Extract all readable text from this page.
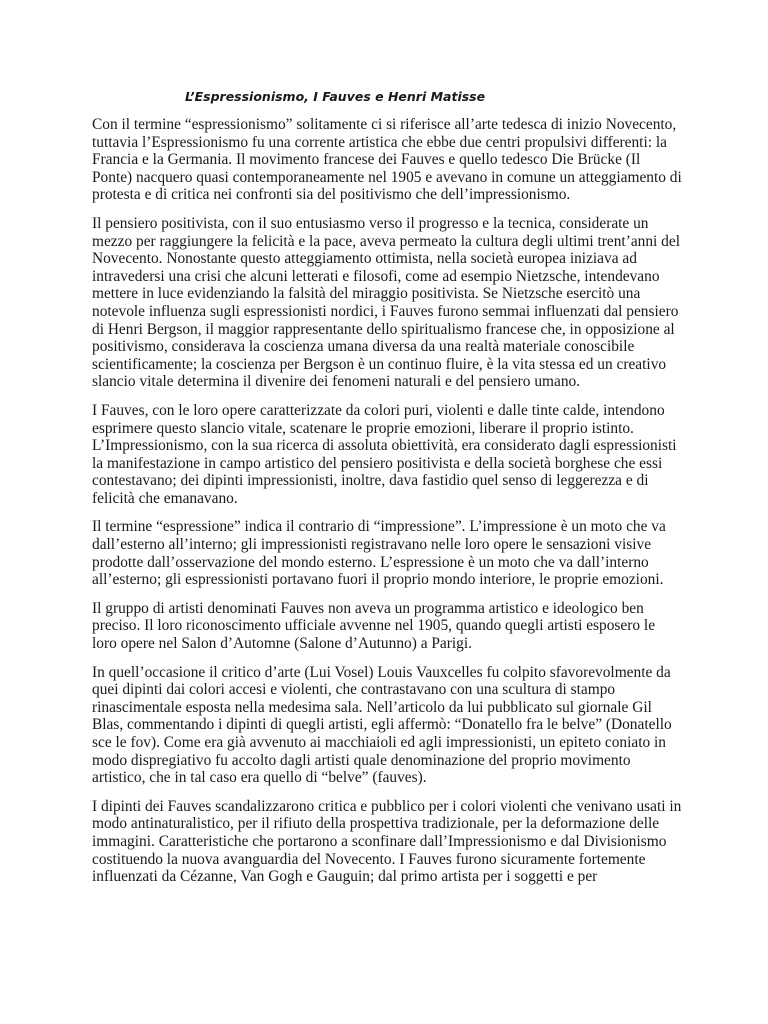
L’Espressionismo, I Fauves e Henri Matisse

Con il termine “espressionismo” solitamente ci si riferisce all’arte tedesca di inizio Novecento, tuttavia l’Espressionismo fu una corrente artistica che ebbe due centri propulsivi differenti: la Francia e la Germania. Il movimento francese dei Fauves e quello tedesco Die Brücke (Il Ponte) nacquero quasi contemporaneamente nel 1905 e avevano in comune un atteggiamento di protesta e di critica nei confronti sia del positivismo che dell’impressionismo.

Il pensiero positivista, con il suo entusiasmo verso il progresso e la tecnica, considerate un mezzo per raggiungere la felicità e la pace, aveva permeato la cultura degli ultimi trent’anni del Novecento. Nonostante questo atteggiamento ottimista, nella società europea iniziava ad intravedersi una crisi che alcuni letterati e filosofi, come ad esempio Nietzsche, intendevano mettere in luce evidenziando la falsità del miraggio positivista. Se Nietzsche esercitò una notevole influenza sugli espressionisti nordici, i Fauves furono semmai influenzati dal pensiero di Henri Bergson, il maggior rappresentante dello spiritualismo francese che, in opposizione al positivismo, considerava la coscienza umana diversa da una realtà materiale conoscibile scientificamente; la coscienza per Bergson è un continuo fluire, è la vita stessa ed un creativo slancio vitale determina il divenire dei fenomeni naturali e del pensiero umano.

I Fauves, con le loro opere caratterizzate da colori puri, violenti e dalle tinte calde, intendono esprimere questo slancio vitale, scatenare le proprie emozioni, liberare il proprio istinto. L’Impressionismo, con la sua ricerca di assoluta obiettività, era considerato dagli espressionisti la manifestazione in campo artistico del pensiero positivista e della società borghese che essi contestavano; dei dipinti impressionisti, inoltre, dava fastidio quel senso di leggerezza e di felicità che emanavano.

Il termine “espressione” indica il contrario di “impressione”. L’impressione è un moto che va dall’esterno all’interno; gli impressionisti registravano nelle loro opere le sensazioni visive prodotte dall’osservazione del mondo esterno. L’espressione è un moto che va dall’interno all’esterno; gli espressionisti portavano fuori il proprio mondo interiore, le proprie emozioni.

Il gruppo di artisti denominati Fauves non aveva un programma artistico e ideologico ben preciso. Il loro riconoscimento ufficiale avvenne nel 1905, quando quegli artisti esposero le loro opere nel Salon d’Automne (Salone d’Autunno) a Parigi.

In quell’occasione il critico d’arte (Lui Vosel) Louis Vauxcelles fu colpito sfavorevolmente da quei dipinti dai colori accesi e violenti, che contrastavano con una scultura di stampo rinascimentale esposta nella medesima sala. Nell’articolo da lui pubblicato sul giornale Gil Blas, commentando i dipinti di quegli artisti, egli affermò: “Donatello fra le belve” (Donatello sce le fov). Come era già avvenuto ai macchiaioli ed agli impressionisti, un epiteto coniato in modo dispregiativo fu accolto dagli artisti quale denominazione del proprio movimento artistico, che in tal caso era quello di “belve” (fauves).

I dipinti dei Fauves scandalizzarono critica e pubblico per i colori violenti che venivano usati in modo antinaturalistico, per il rifiuto della prospettiva tradizionale, per la deformazione delle immagini. Caratteristiche che portarono a sconfinare dall’Impressionismo e dal Divisionismo costituendo la nuova avanguardia del Novecento. I Fauves furono sicuramente fortemente influenzati da Cézanne, Van Gogh e Gauguin; dal primo artista per i soggetti e per
